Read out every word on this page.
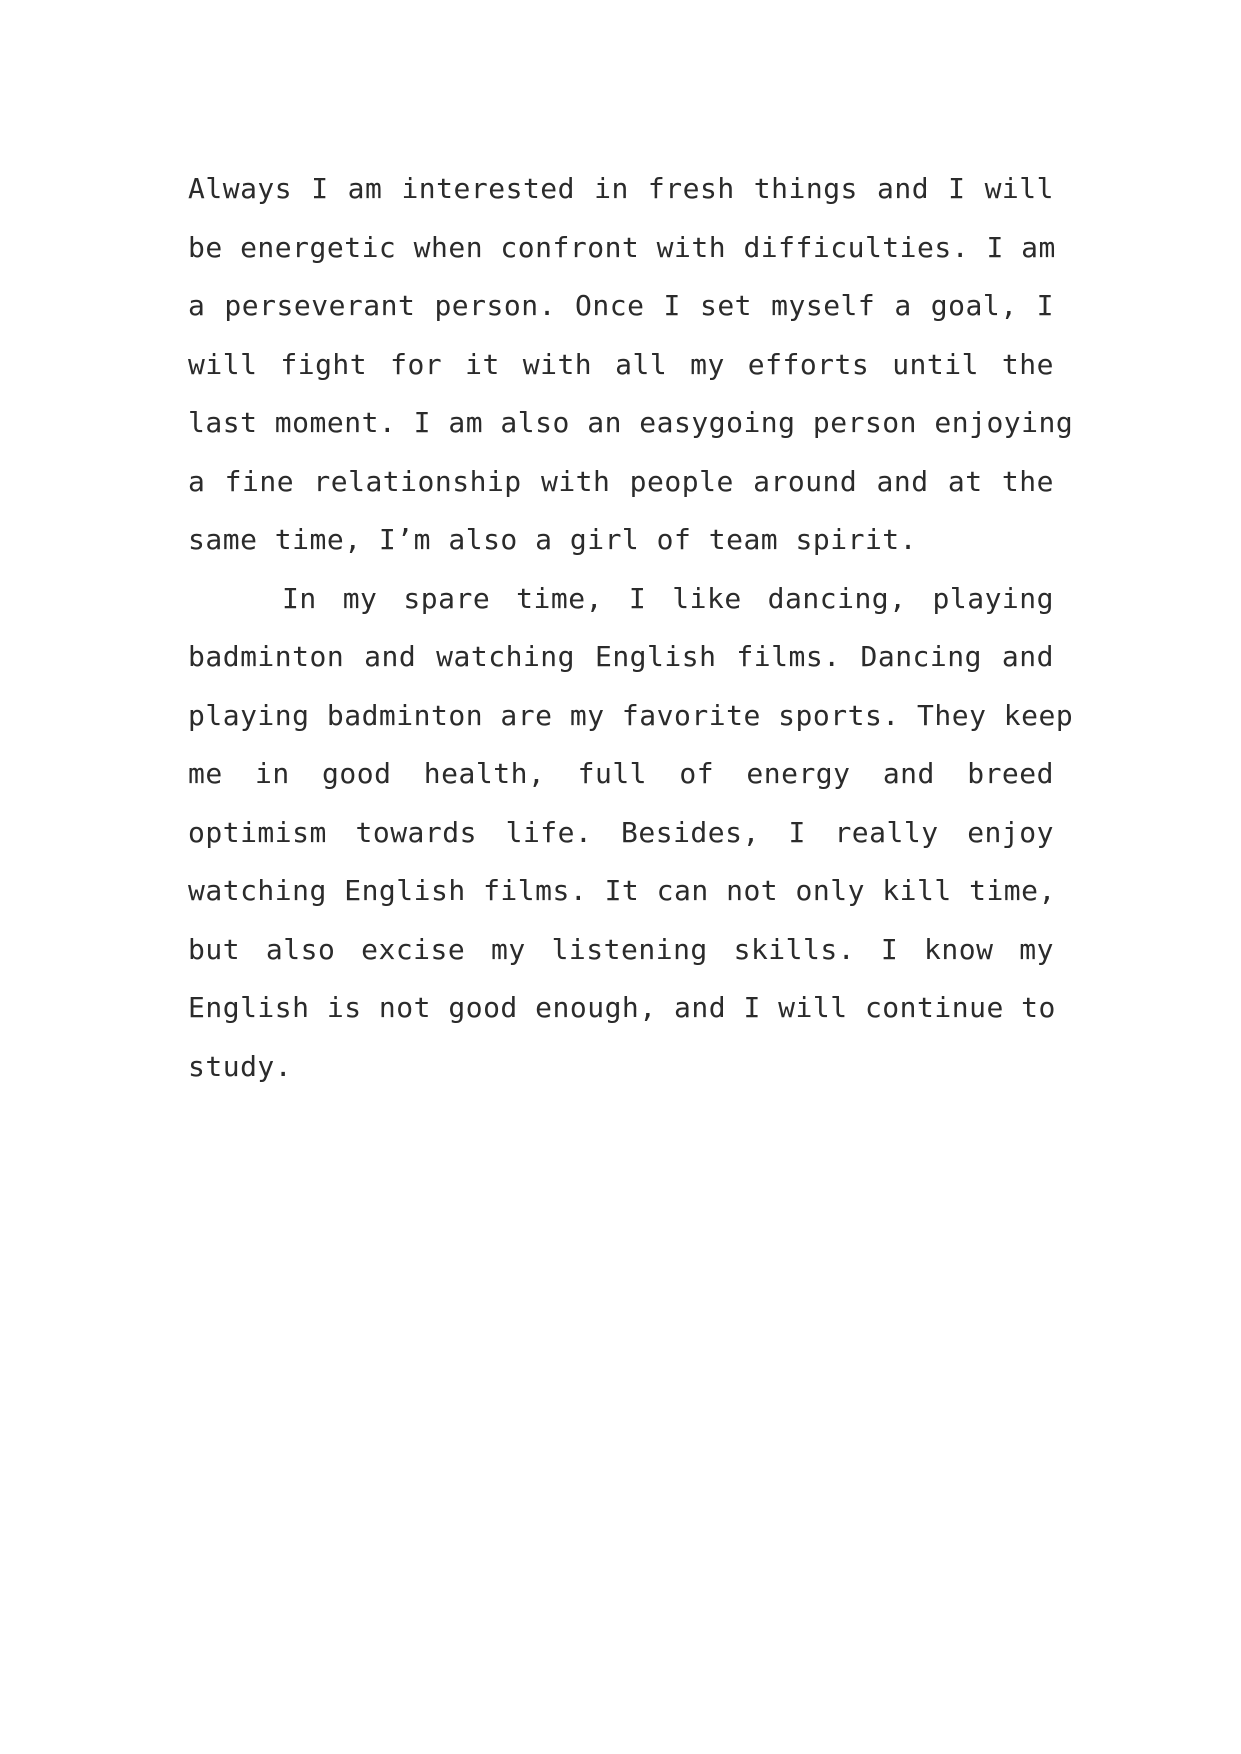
Always I am interested in fresh things and I will
be energetic when confront with difficulties. I am
a perseverant person. Once I set myself a goal, I
will fight for it with all my efforts until the
last moment. I am also an easygoing person enjoying
a fine relationship with people around and at the
same time, I’m also a girl of team spirit.
In my spare time, I like dancing, playing
badminton and watching English films. Dancing and
playing badminton are my favorite sports. They keep
me in good health, full of energy and breed
optimism towards life. Besides, I really enjoy
watching English films. It can not only kill time,
but also excise my listening skills. I know my
English is not good enough, and I will continue to
study.
